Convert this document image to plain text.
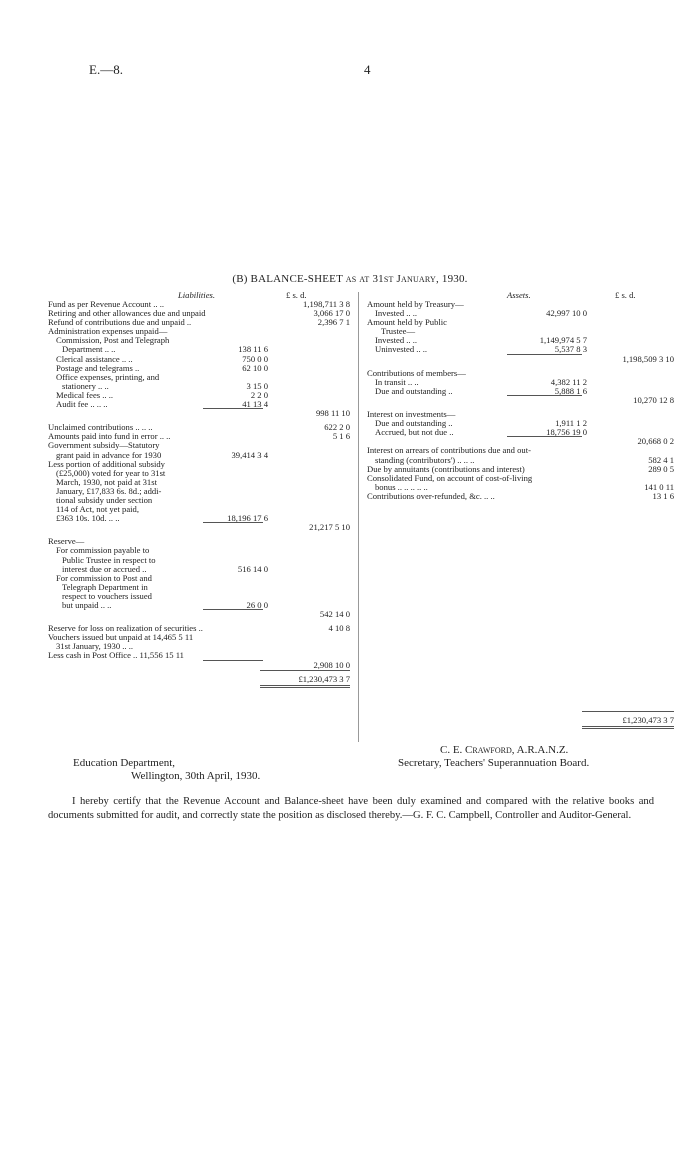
E.—8.	4
(B) BALANCE-SHEET as at 31st January, 1930.
Liabilities.	£ s. d.
Fund as per Revenue Account .. ..	1,198,711 3 8
Retiring and other allowances due and unpaid	3,066 17 0
Refund of contributions due and unpaid ..	2,396 7 1
Administration expenses unpaid—
Commission, Post and Telegraph
Department .. ..	138 11 6
Clerical assistance .. ..	750 0 0
Postage and telegrams ..	62 10 0
Office expenses, printing, and
stationery .. ..	3 15 0
Medical fees .. ..	2 2 0
Audit fee .. .. ..	41 13 4
998 11 10
Unclaimed contributions .. .. ..	622 2 0
Amounts paid into fund in error .. ..	5 1 6
Government subsidy—Statutory
grant paid in advance for 1930	39,414 3 4
Less portion of additional subsidy
(£25,000) voted for year to 31st
March, 1930, not paid at 31st
January, £17,833 6s. 8d.; addi-
tional subsidy under section
114 of Act, not yet paid,
£363 10s. 10d. .. ..	18,196 17 6
21,217 5 10
Reserve—
For commission payable to
Public Trustee in respect to
interest due or accrued ..	516 14 0
For commission to Post and
Telegraph Department in
respect to vouchers issued
but unpaid .. ..	26 0 0
542 14 0
Reserve for loss on realization of securities ..	4 10 8
Vouchers issued but unpaid at 14,465 5 11
31st January, 1930 .. ..
Less cash in Post Office .. 11,556 15 11
2,908 10 0
£1,230,473 3 7
Assets.	£ s. d.
Amount held by Treasury—
Invested .. ..	42,997 10 0
Amount held by Public
Trustee—
Invested .. ..	1,149,974 5 7
Uninvested .. ..	5,537 8 3
1,198,509 3 10
Contributions of members—
In transit .. ..	4,382 11 2
Due and outstanding ..	5,888 1 6
10,270 12 8
Interest on investments—
Due and outstanding ..	1,911 1 2
Accrued, but not due ..	18,756 19 0
20,668 0 2
Interest on arrears of contributions due and out-
standing (contributors') .. .. ..	582 4 1
Due by annuitants (contributions and interest)	289 0 5
Consolidated Fund, on account of cost-of-living
bonus .. .. .. .. ..	141 0 11
Contributions over-refunded, &c. .. ..	13 1 6
£1,230,473 3 7
C. E. Crawford, A.R.A.N.Z.
Secretary, Teachers' Superannuation Board.
Education Department,
Wellington, 30th April, 1930.
I hereby certify that the Revenue Account and Balance-sheet have been duly examined and compared with the relative books and documents submitted for audit, and correctly state the position as disclosed thereby.—G. F. C. Campbell, Controller and Auditor-General.
